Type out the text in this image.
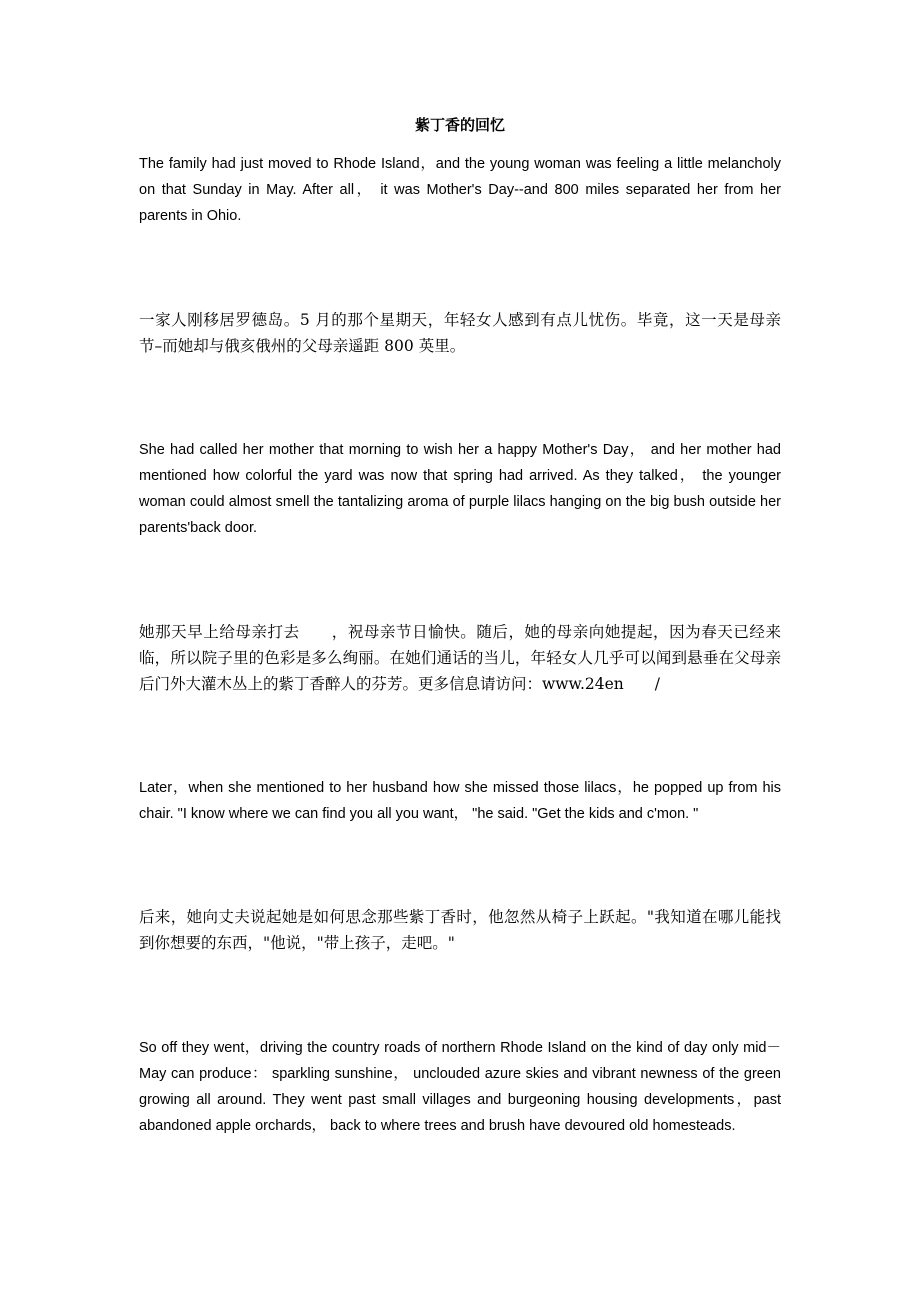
紫丁香的回忆

The family had just moved to Rhode Island，and the young woman was feeling a little melancholy on that Sunday in May. After all， it was Mother's Day--and 800 miles separated her from her parents in Ohio.

一家人刚移居罗德岛。5 月的那个星期天，年轻女人感到有点儿忧伤。毕竟，这一天是母亲节–而她却与俄亥俄州的父母亲遥距 800 英里。

She had called her mother that morning to wish her a happy Mother's Day， and her mother had mentioned how colorful the yard was now that spring had arrived. As they talked， the younger woman could almost smell the tantalizing aroma of purple lilacs hanging on the big bush outside her parents'back door.

她那天早上给母亲打去　　，祝母亲节日愉快。随后，她的母亲向她提起，因为春天已经来临，所以院子里的色彩是多么绚丽。在她们通话的当儿，年轻女人几乎可以闻到悬垂在父母亲后门外大灌木丛上的紫丁香醉人的芬芳。更多信息请访问：www.24en　　/

Later，when she mentioned to her husband how she missed those lilacs，he popped up from his chair. "I know where we can find you all you want， "he said. "Get the kids and c'mon. "

后来，她向丈夫说起她是如何思念那些紫丁香时，他忽然从椅子上跃起。"我知道在哪儿能找到你想要的东西，"他说，"带上孩子，走吧。"

So off they went，driving the country roads of northern Rhode Island on the kind of day only mid－May can produce： sparkling sunshine， unclouded azure skies and vibrant newness of the green growing all around. They went past small villages and burgeoning housing developments，past abandoned apple orchards， back to where trees and brush have devoured old homesteads.
